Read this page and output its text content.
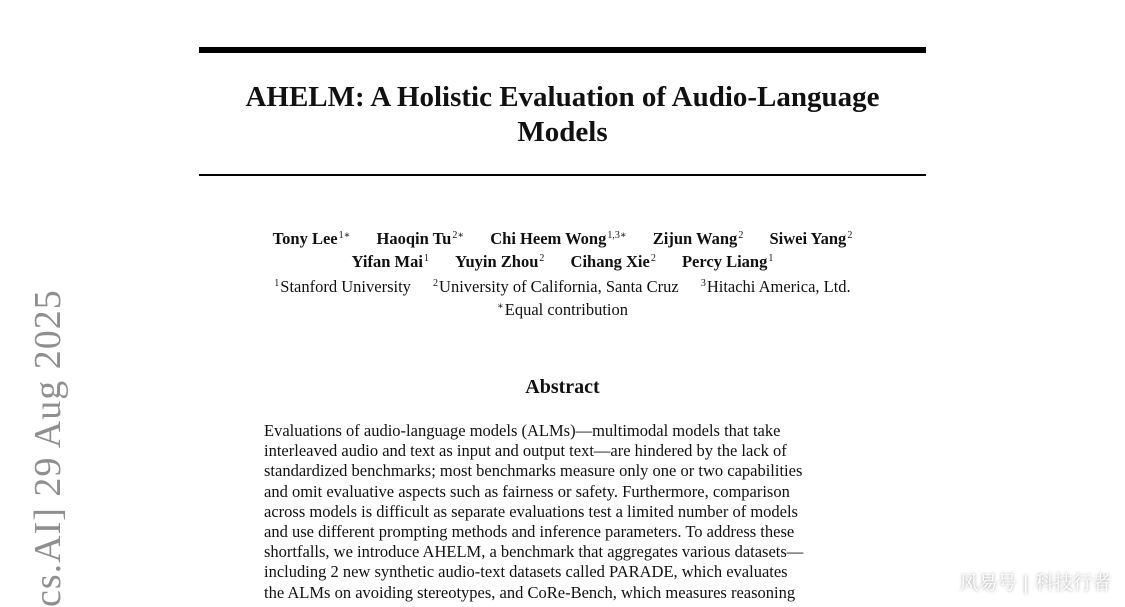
AHELM: A Holistic Evaluation of Audio-Language
Models
Tony Lee$^{1∗}$ Haoqin $Tu^{2∗}$ Chi Heem Wong$^{1,3∗}$ Zijun Wang$^2$ Siwei Yang$^2$
Yifan Mai$^1$ Yuyin Zhou$^2$ Cihang Xie$^2$ Percy Liang$^1$
$^1$Stanford University $^2$University of California, Santa Cruz $^3$Hitachi America, Ltd.
∗Equal contribution
Abstract
Evaluations of audio-language models (ALMs)—multimodal models that take
interleaved audio and text as input and output text—are hindered by the lack of
standardized benchmarks; most benchmarks measure only one or two capabilities
and omit evaluative aspects such as fairness or safety. Furthermore, comparison
across models is difficult as separate evaluations test a limited number of models
and use different prompting methods and inference parameters. To address these
shortfalls, we introduce AHELM, a benchmark that aggregates various datasets—
including 2 new synthetic audio-text datasets called PARADE, which evaluates
the ALMs on avoiding stereotypes, and CoRe-Bench, which measures reasoning
cs.AI] 29 Aug 2025	风易号 | 科技行者
